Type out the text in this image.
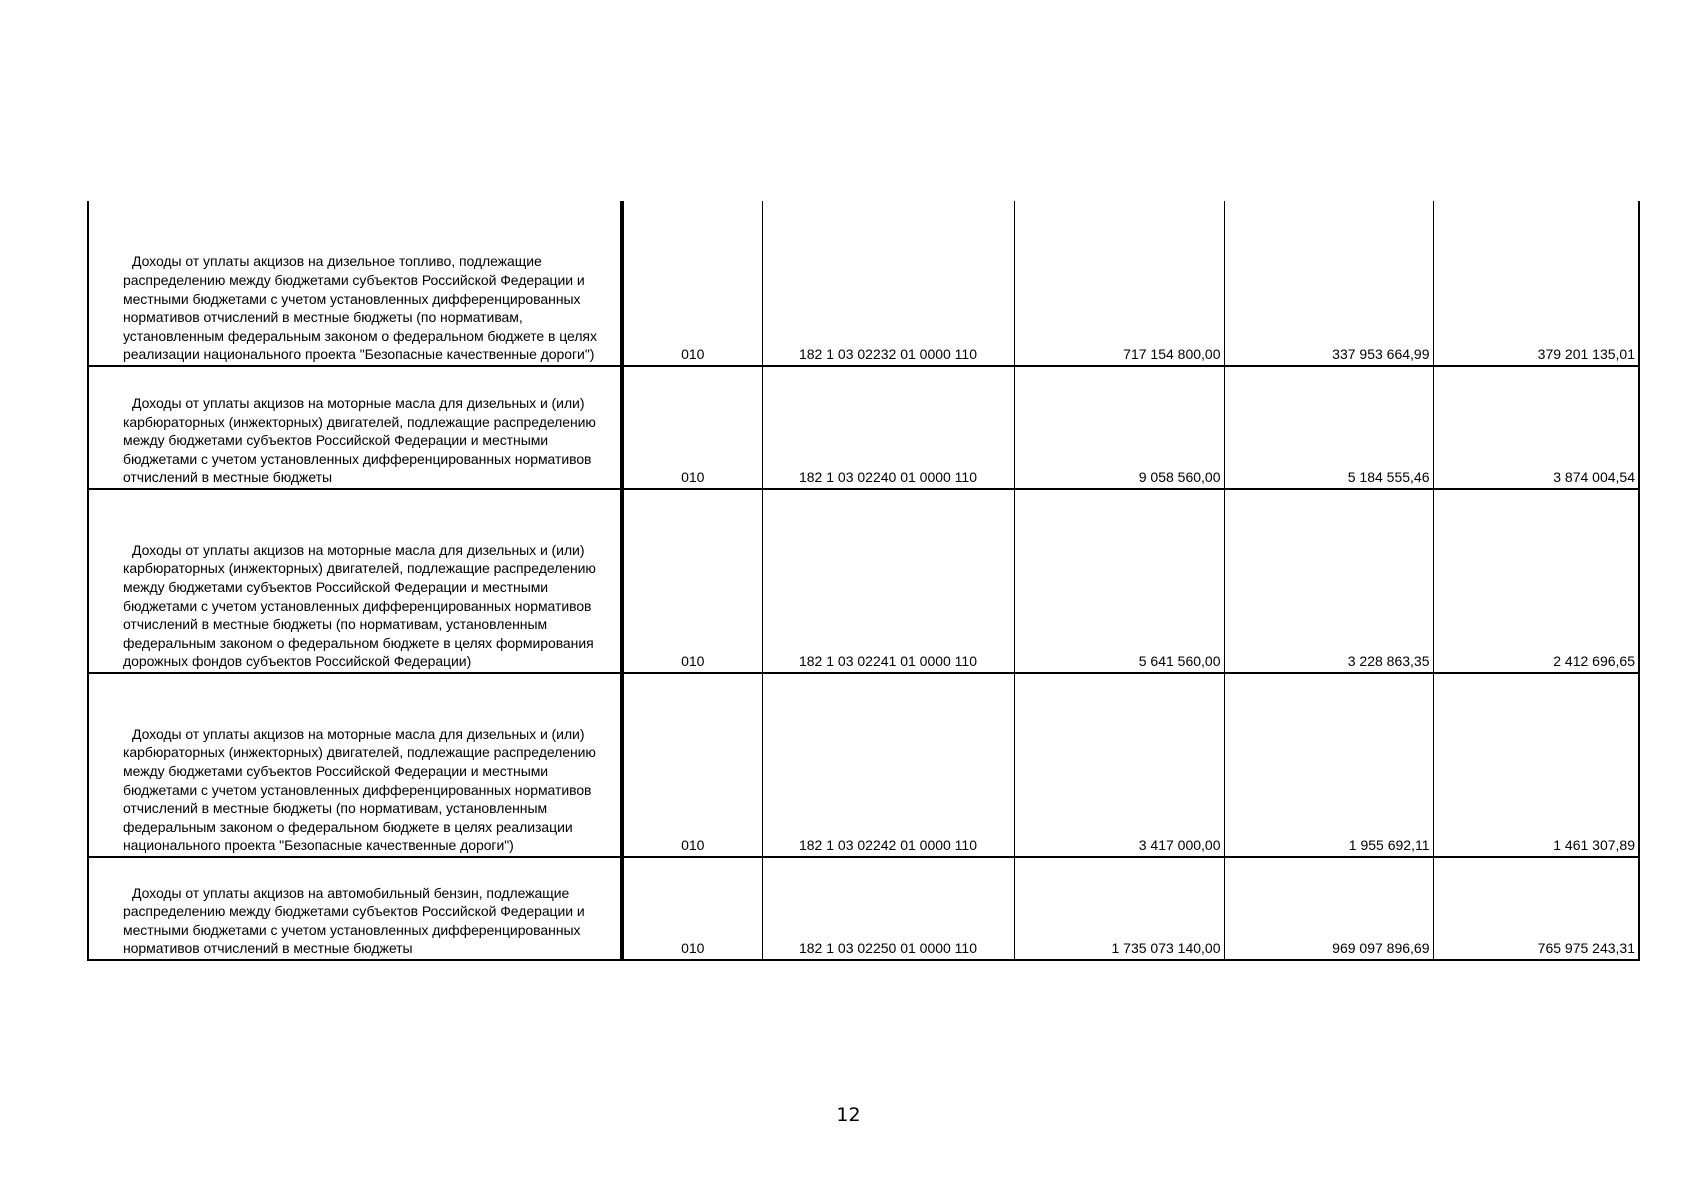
Доходы от уплаты акцизов на дизельное топливо, подлежащие распределению между бюджетами субъектов Российской Федерации и местными бюджетами с учетом установленных дифференцированных нормативов отчислений в местные бюджеты (по нормативам, установленным федеральным законом о федеральном бюджете в целях реализации национального проекта "Безопасные качественные дороги")	010	182 1 03 02232 01 0000 110	717 154 800,00	337 953 664,99	379 201 135,01
Доходы от уплаты акцизов на моторные масла для дизельных и (или) карбюраторных (инжекторных) двигателей, подлежащие распределению между бюджетами субъектов Российской Федерации и местными бюджетами с учетом установленных дифференцированных нормативов отчислений в местные бюджеты	010	182 1 03 02240 01 0000 110	9 058 560,00	5 184 555,46	3 874 004,54
Доходы от уплаты акцизов на моторные масла для дизельных и (или) карбюраторных (инжекторных) двигателей, подлежащие распределению между бюджетами субъектов Российской Федерации и местными бюджетами с учетом установленных дифференцированных нормативов отчислений в местные бюджеты (по нормативам, установленным федеральным законом о федеральном бюджете в целях формирования дорожных фондов субъектов Российской Федерации)	010	182 1 03 02241 01 0000 110	5 641 560,00	3 228 863,35	2 412 696,65
Доходы от уплаты акцизов на моторные масла для дизельных и (или) карбюраторных (инжекторных) двигателей, подлежащие распределению между бюджетами субъектов Российской Федерации и местными бюджетами с учетом установленных дифференцированных нормативов отчислений в местные бюджеты (по нормативам, установленным федеральным законом о федеральном бюджете в целях реализации национального проекта "Безопасные качественные дороги")	010	182 1 03 02242 01 0000 110	3 417 000,00	1 955 692,11	1 461 307,89
Доходы от уплаты акцизов на автомобильный бензин, подлежащие распределению между бюджетами субъектов Российской Федерации и местными бюджетами с учетом установленных дифференцированных нормативов отчислений в местные бюджеты	010	182 1 03 02250 01 0000 110	1 735 073 140,00	969 097 896,69	765 975 243,31
12
